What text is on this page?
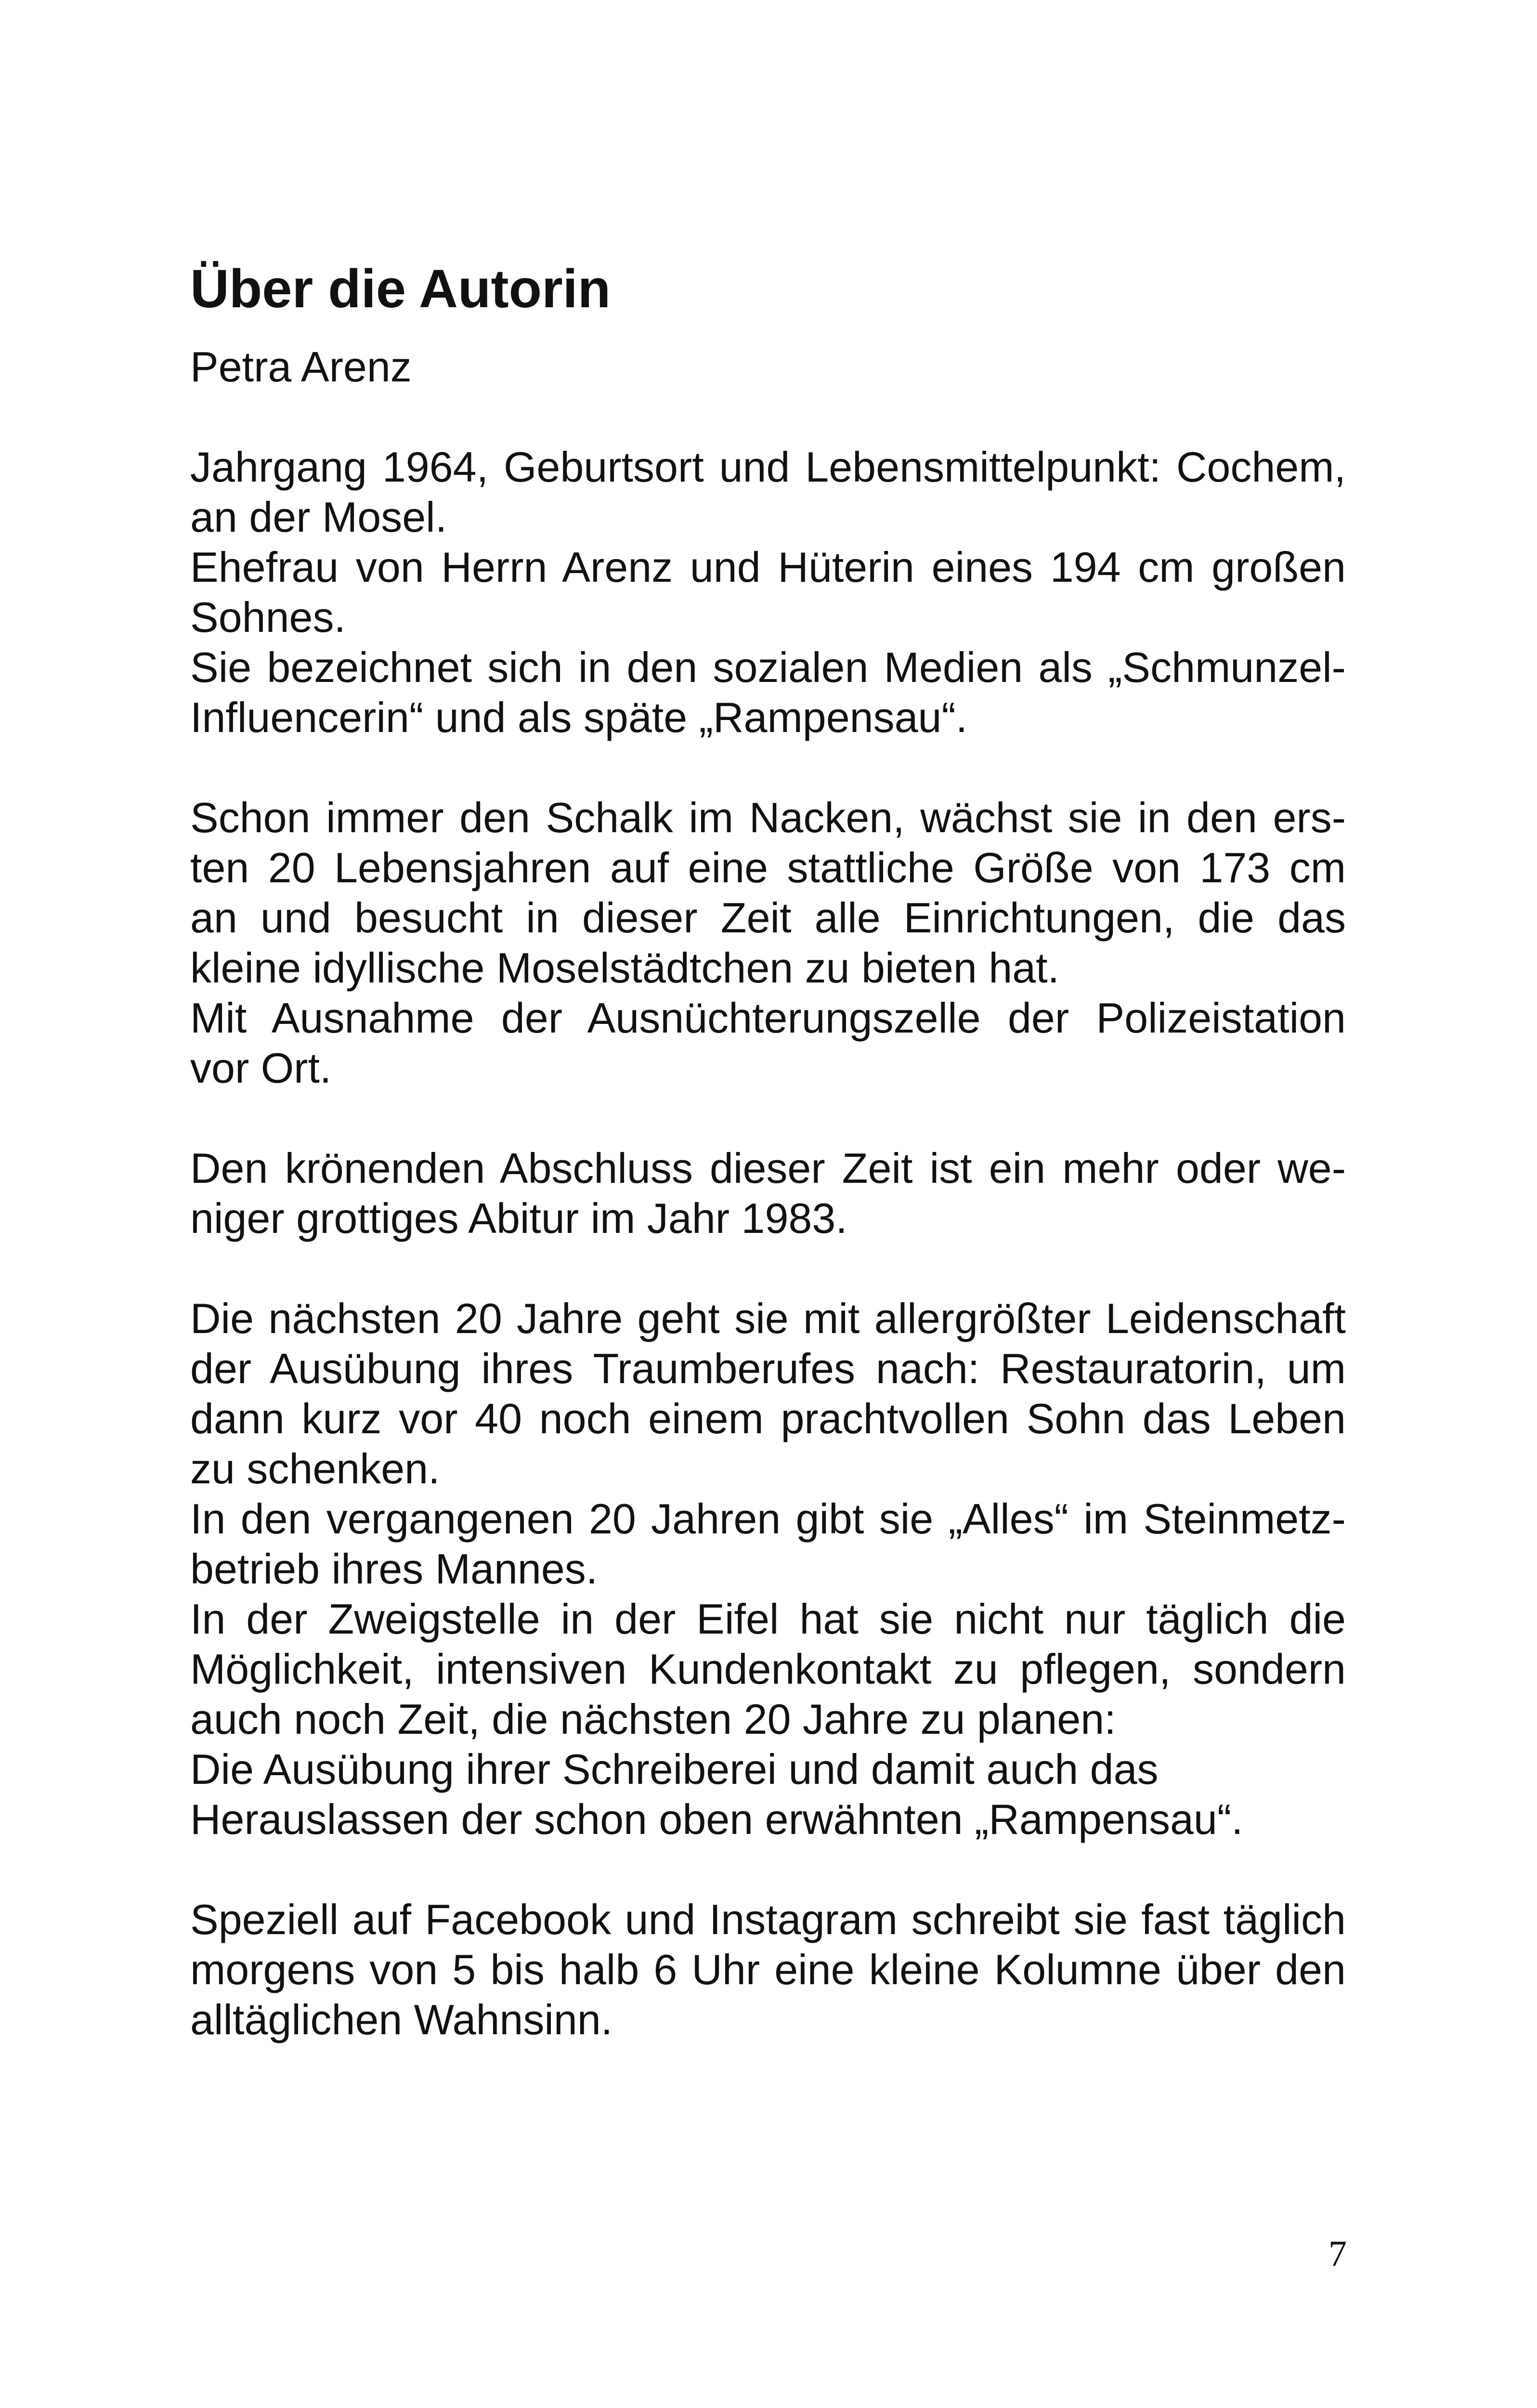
Über die Autorin
Petra Arenz
Jahrgang 1964, Geburtsort und Lebensmittelpunkt: Cochem,
an der Mosel.
Ehefrau von Herrn Arenz und Hüterin eines 194 cm großen
Sohnes.
Sie bezeichnet sich in den sozialen Medien als „Schmunzel-
Influencerin“ und als späte „Rampensau“.
Schon immer den Schalk im Nacken, wächst sie in den ers-
ten 20 Lebensjahren auf eine stattliche Größe von 173 cm
an und besucht in dieser Zeit alle Einrichtungen, die das
kleine idyllische Moselstädtchen zu bieten hat.
Mit Ausnahme der Ausnüchterungszelle der Polizeistation
vor Ort.
Den krönenden Abschluss dieser Zeit ist ein mehr oder we-
niger grottiges Abitur im Jahr 1983.
Die nächsten 20 Jahre geht sie mit allergrößter Leidenschaft
der Ausübung ihres Traumberufes nach: Restauratorin, um
dann kurz vor 40 noch einem prachtvollen Sohn das Leben
zu schenken.
In den vergangenen 20 Jahren gibt sie „Alles“ im Steinmetz-
betrieb ihres Mannes.
In der Zweigstelle in der Eifel hat sie nicht nur täglich die
Möglichkeit, intensiven Kundenkontakt zu pflegen, sondern
auch noch Zeit, die nächsten 20 Jahre zu planen:
Die Ausübung ihrer Schreiberei und damit auch das
Herauslassen der schon oben erwähnten „Rampensau“.
Speziell auf Facebook und Instagram schreibt sie fast täglich
morgens von 5 bis halb 6 Uhr eine kleine Kolumne über den
alltäglichen Wahnsinn.
7
